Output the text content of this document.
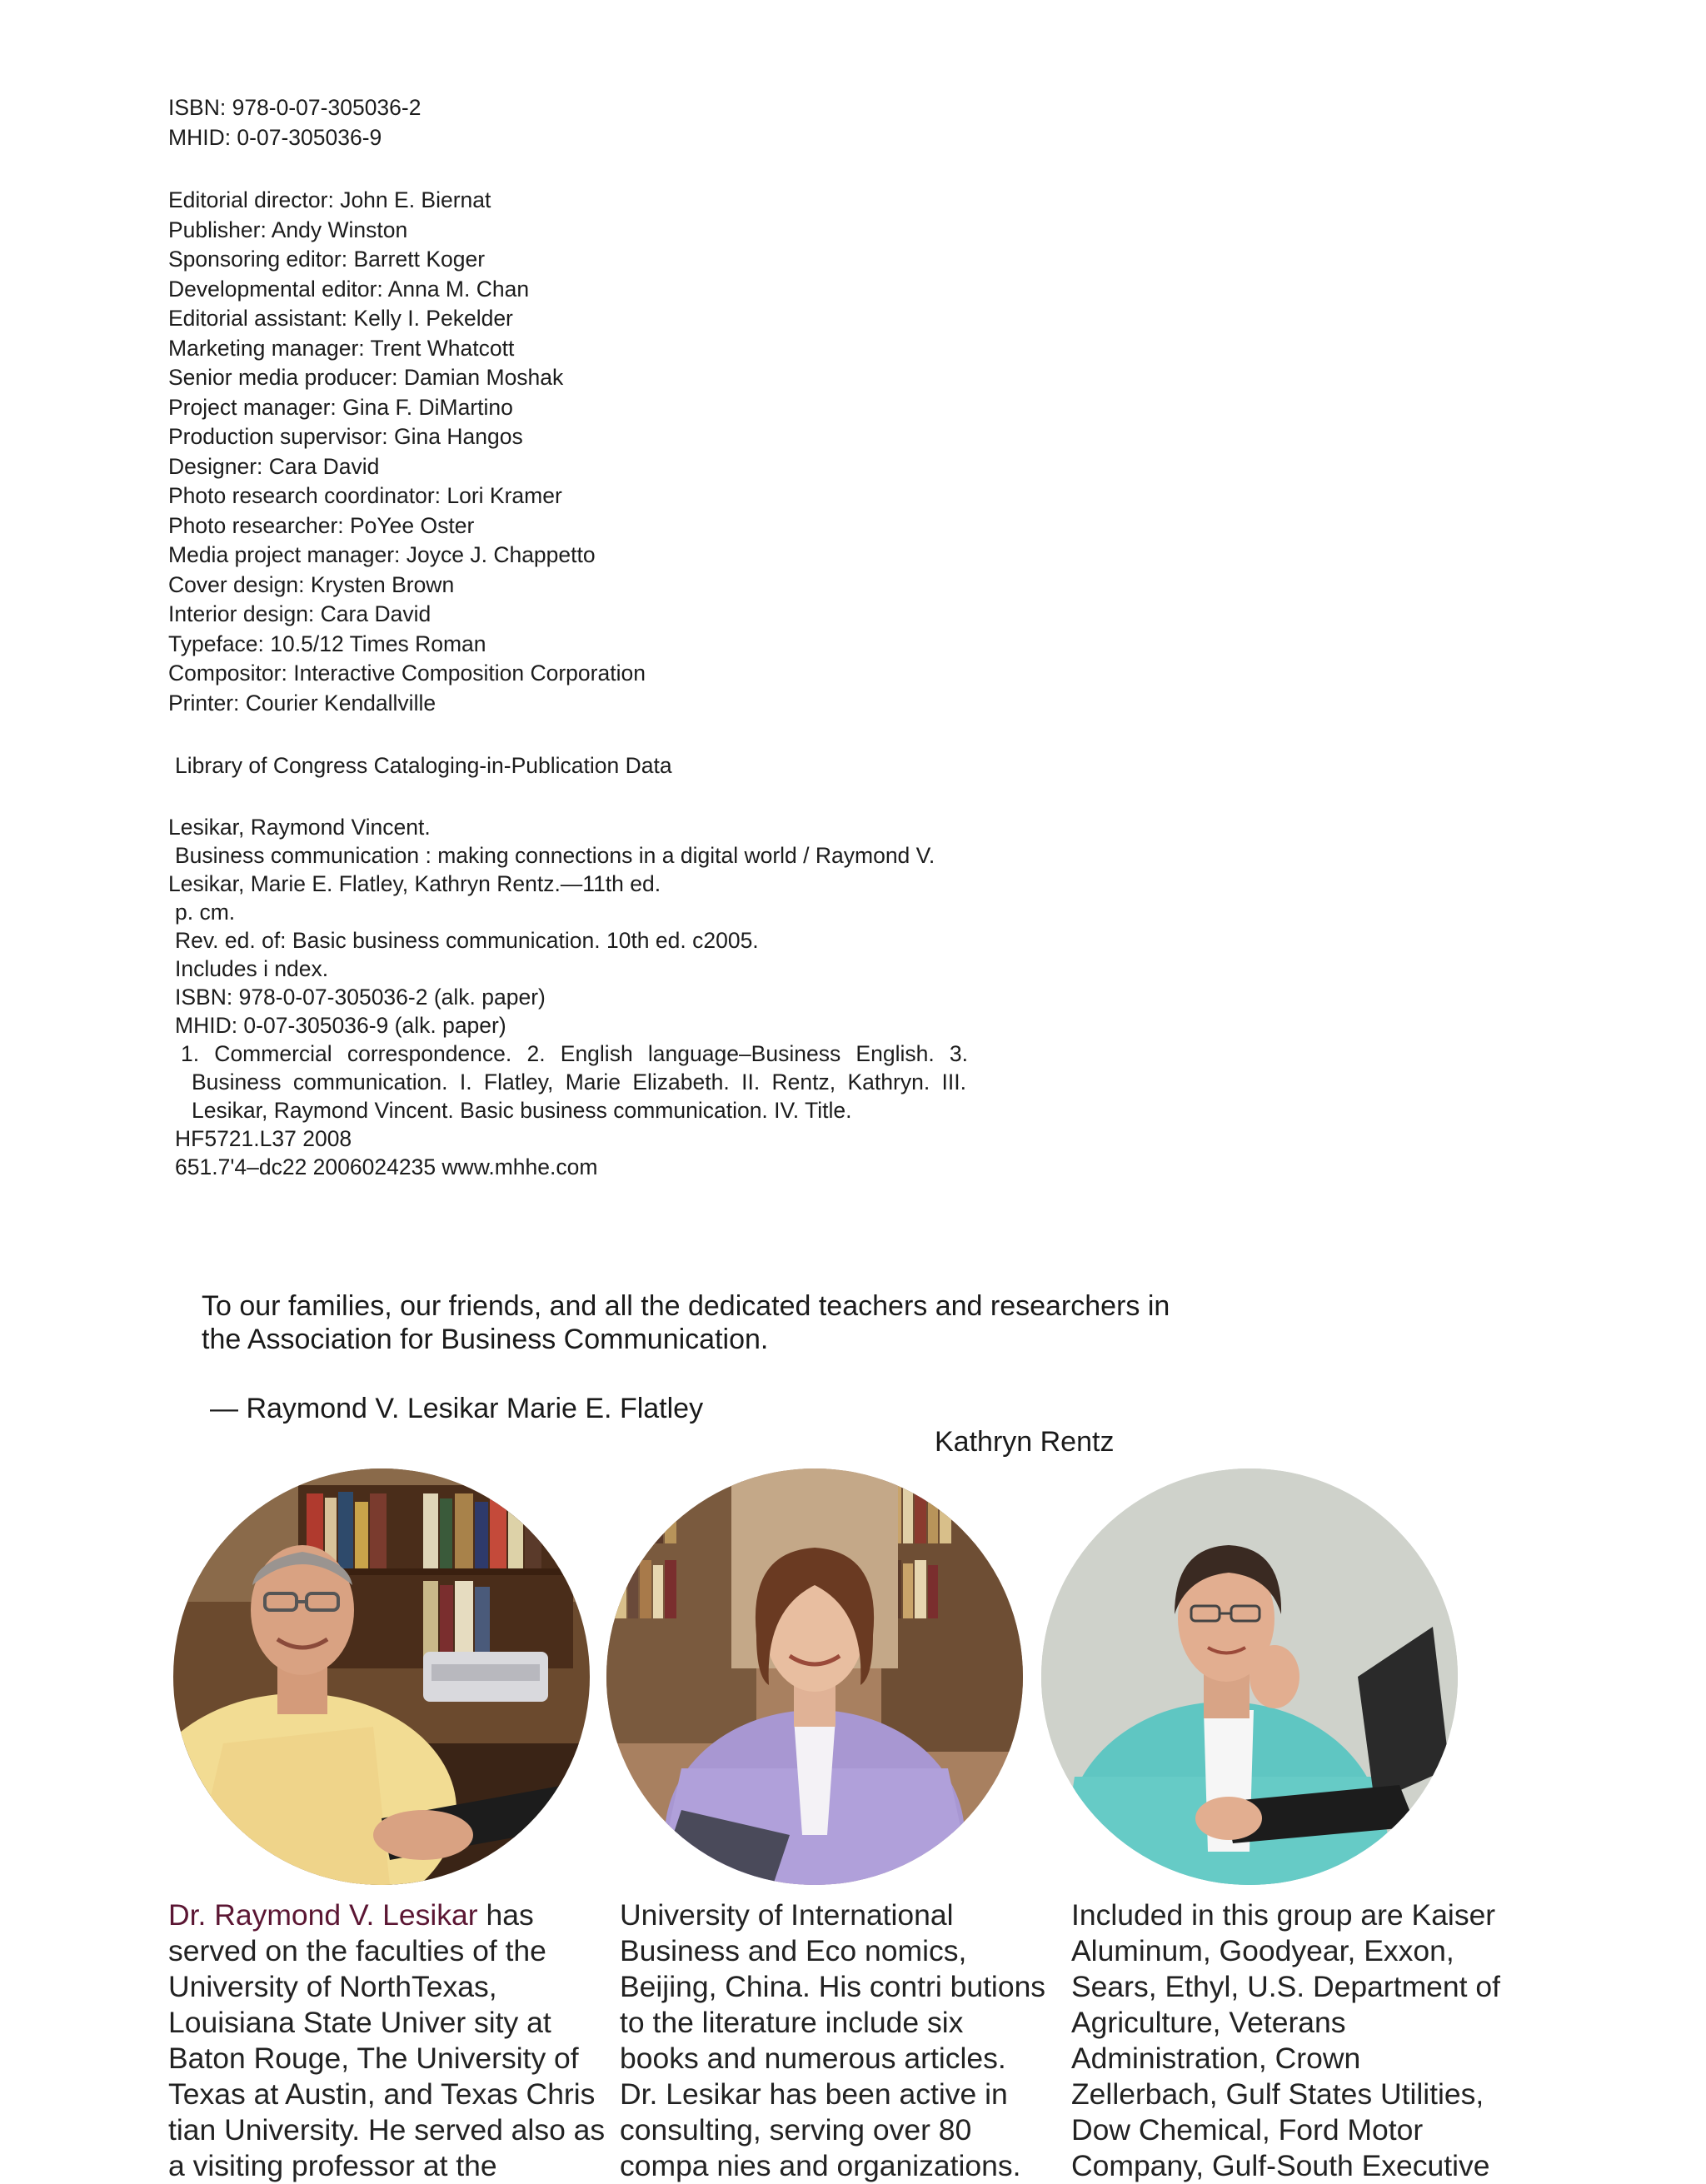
ISBN: 978-0-07-305036-2

MHID: 0-07-305036-9

Editorial director: John E. Biernat

Publisher: Andy Winston

Sponsoring editor: Barrett Koger

Developmental editor: Anna M. Chan

Editorial assistant: Kelly I. Pekelder

Marketing manager: Trent Whatcott

Senior media producer: Damian Moshak

Project manager: Gina F. DiMartino

Production supervisor: Gina Hangos

Designer: Cara David

Photo research coordinator: Lori Kramer

Photo researcher: PoYee Oster

Media project manager: Joyce J. Chappetto

Cover design: Krysten Brown

Interior design: Cara David

Typeface: 10.5/12 Times Roman

Compositor: Interactive Composition Corporation

Printer: Courier Kendallville

Library of Congress Cataloging-in-Publication Data

Lesikar, Raymond Vincent.

Business communication : making connections in a digital world / Raymond V.

Lesikar, Marie E. Flatley, Kathryn Rentz.—11th ed.

p. cm.

Rev. ed. of: Basic business communication. 10th ed. c2005.

Includes i ndex.

ISBN: 978-0-07-305036-2 (alk. paper)

MHID: 0-07-305036-9 (alk. paper)

1. Commercial correspondence. 2. English language–Business English. 3.

Business communication. I. Flatley, Marie Elizabeth. II. Rentz, Kathryn. III.

Lesikar, Raymond Vincent. Basic business communication. IV. Title.

HF5721.L37 2008

651.7'4–dc22 2006024235 www.mhhe.com

To our families, our friends, and all the dedicated teachers and researchers in

the Association for Business Communication.

— Raymond V. Lesikar Marie E. Flatley
Kathryn Rentz

Dr. Raymond V. Lesikar has

served on the faculties of the

University of NorthTexas,

Louisiana State Univer sity at

Baton Rouge, The University of

Texas at Austin, and Texas Chris

tian University. He served also as

a visiting professor at the

University of International

Business and Eco nomics,

Beijing, China. His contri butions

to the literature include six

books and numerous articles.

Dr. Lesikar has been active in

consulting, serving over 80

compa nies and organizations.

Included in this group are Kaiser

Aluminum, Goodyear, Exxon,

Sears, Ethyl, U.S. Department of

Agriculture, Veterans

Administration, Crown

Zellerbach, Gulf States Utilities,

Dow Chemical, Ford Motor

Company, Gulf-South Executive
